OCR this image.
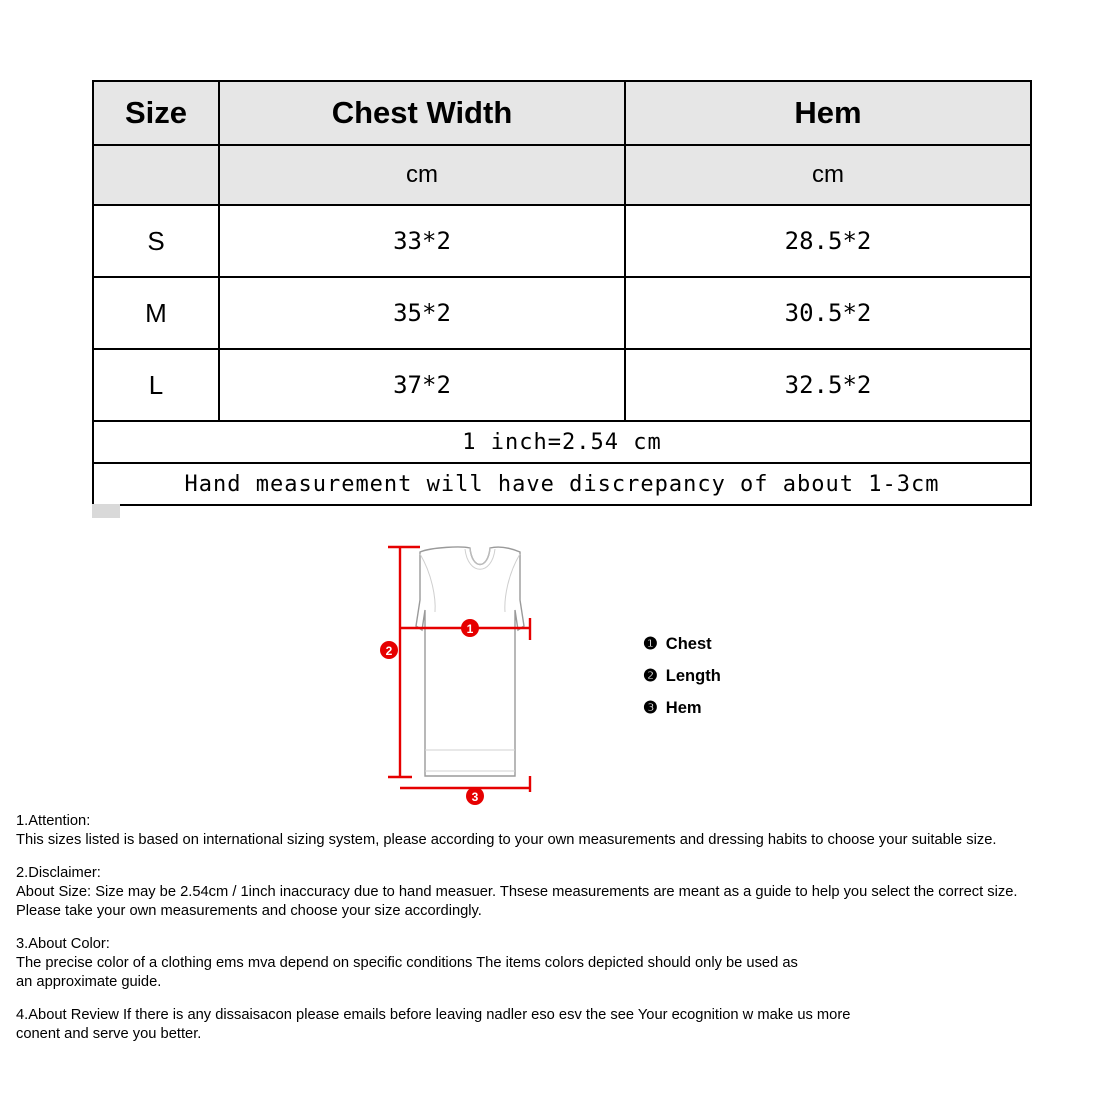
Size	Chest Width	Hem
	cm	cm
S	33*2	28.5*2
M	35*2	30.5*2
L	37*2	32.5*2
1 inch=2.54 cm		
Hand measurement will have discrepancy of about 1-3cm		
1
2
3
❶ Chest
❷ Length
❸ Hem

1.Attention:

This sizes listed is based on international sizing system, please according to your own measurements and dressing habits to choose your suitable size.

2.Disclaimer:

About Size: Size may be 2.54cm / 1inch inaccuracy due to hand measuer. Thsese measurements are meant as a guide to help you select the correct size.

Please take your own measurements and choose your size accordingly.

3.About Color:

The precise color of a clothing ems mva depend on specific conditions The items colors depicted should only be used as

an approximate guide.

4.About Review If there is any dissaisacon please emails before leaving nadler eso esv the see Your ecognition w make us more

conent and serve you better.
